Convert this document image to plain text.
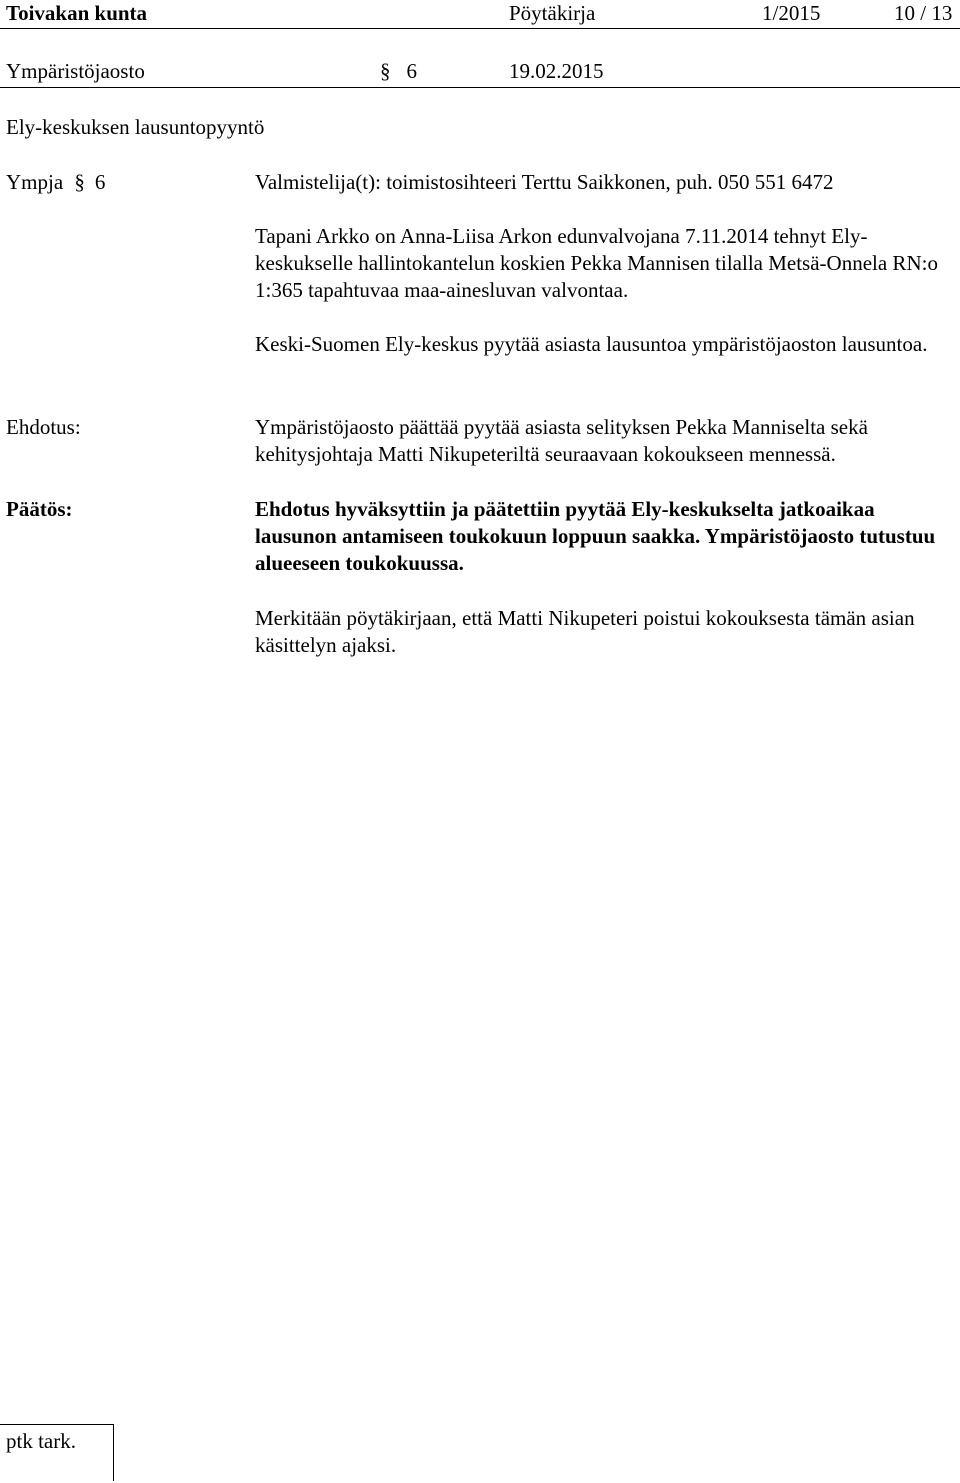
Toivakan kunta	Pöytäkirja	1/2015	10 / 13
Ympäristöjaosto	§ 6	19.02.2015
Ely-keskuksen lausuntopyyntö
Ympja § 6	Valmistelija(t): toimistosihteeri Terttu Saikkonen, puh. 050 551 6472
Tapani Arkko on Anna-Liisa Arkon edunvalvojana 7.11.2014 tehnyt Ely-keskukselle hallintokantelun koskien Pekka Mannisen tilalla Metsä-Onnela RN:o 1:365 tapahtuvaa maa-ainesluvan valvontaa.
Keski-Suomen Ely-keskus pyytää asiasta lausuntoa ympäristöjaoston lausuntoa.
Ehdotus:	Ympäristöjaosto päättää pyytää asiasta selityksen Pekka Manniselta sekä kehitysjohtaja Matti Nikupeteriltä seuraavaan kokoukseen mennessä.
Päätös:	Ehdotus hyväksyttiin ja päätettiin pyytää Ely-keskukselta jatkoaikaa lausunon antamiseen toukokuun loppuun saakka. Ympäristöjaosto tutustuu alueeseen toukokuussa.
Merkitään pöytäkirjaan, että Matti Nikupeteri poistui kokouksesta tämän asian käsittelyn ajaksi.
ptk tark.
